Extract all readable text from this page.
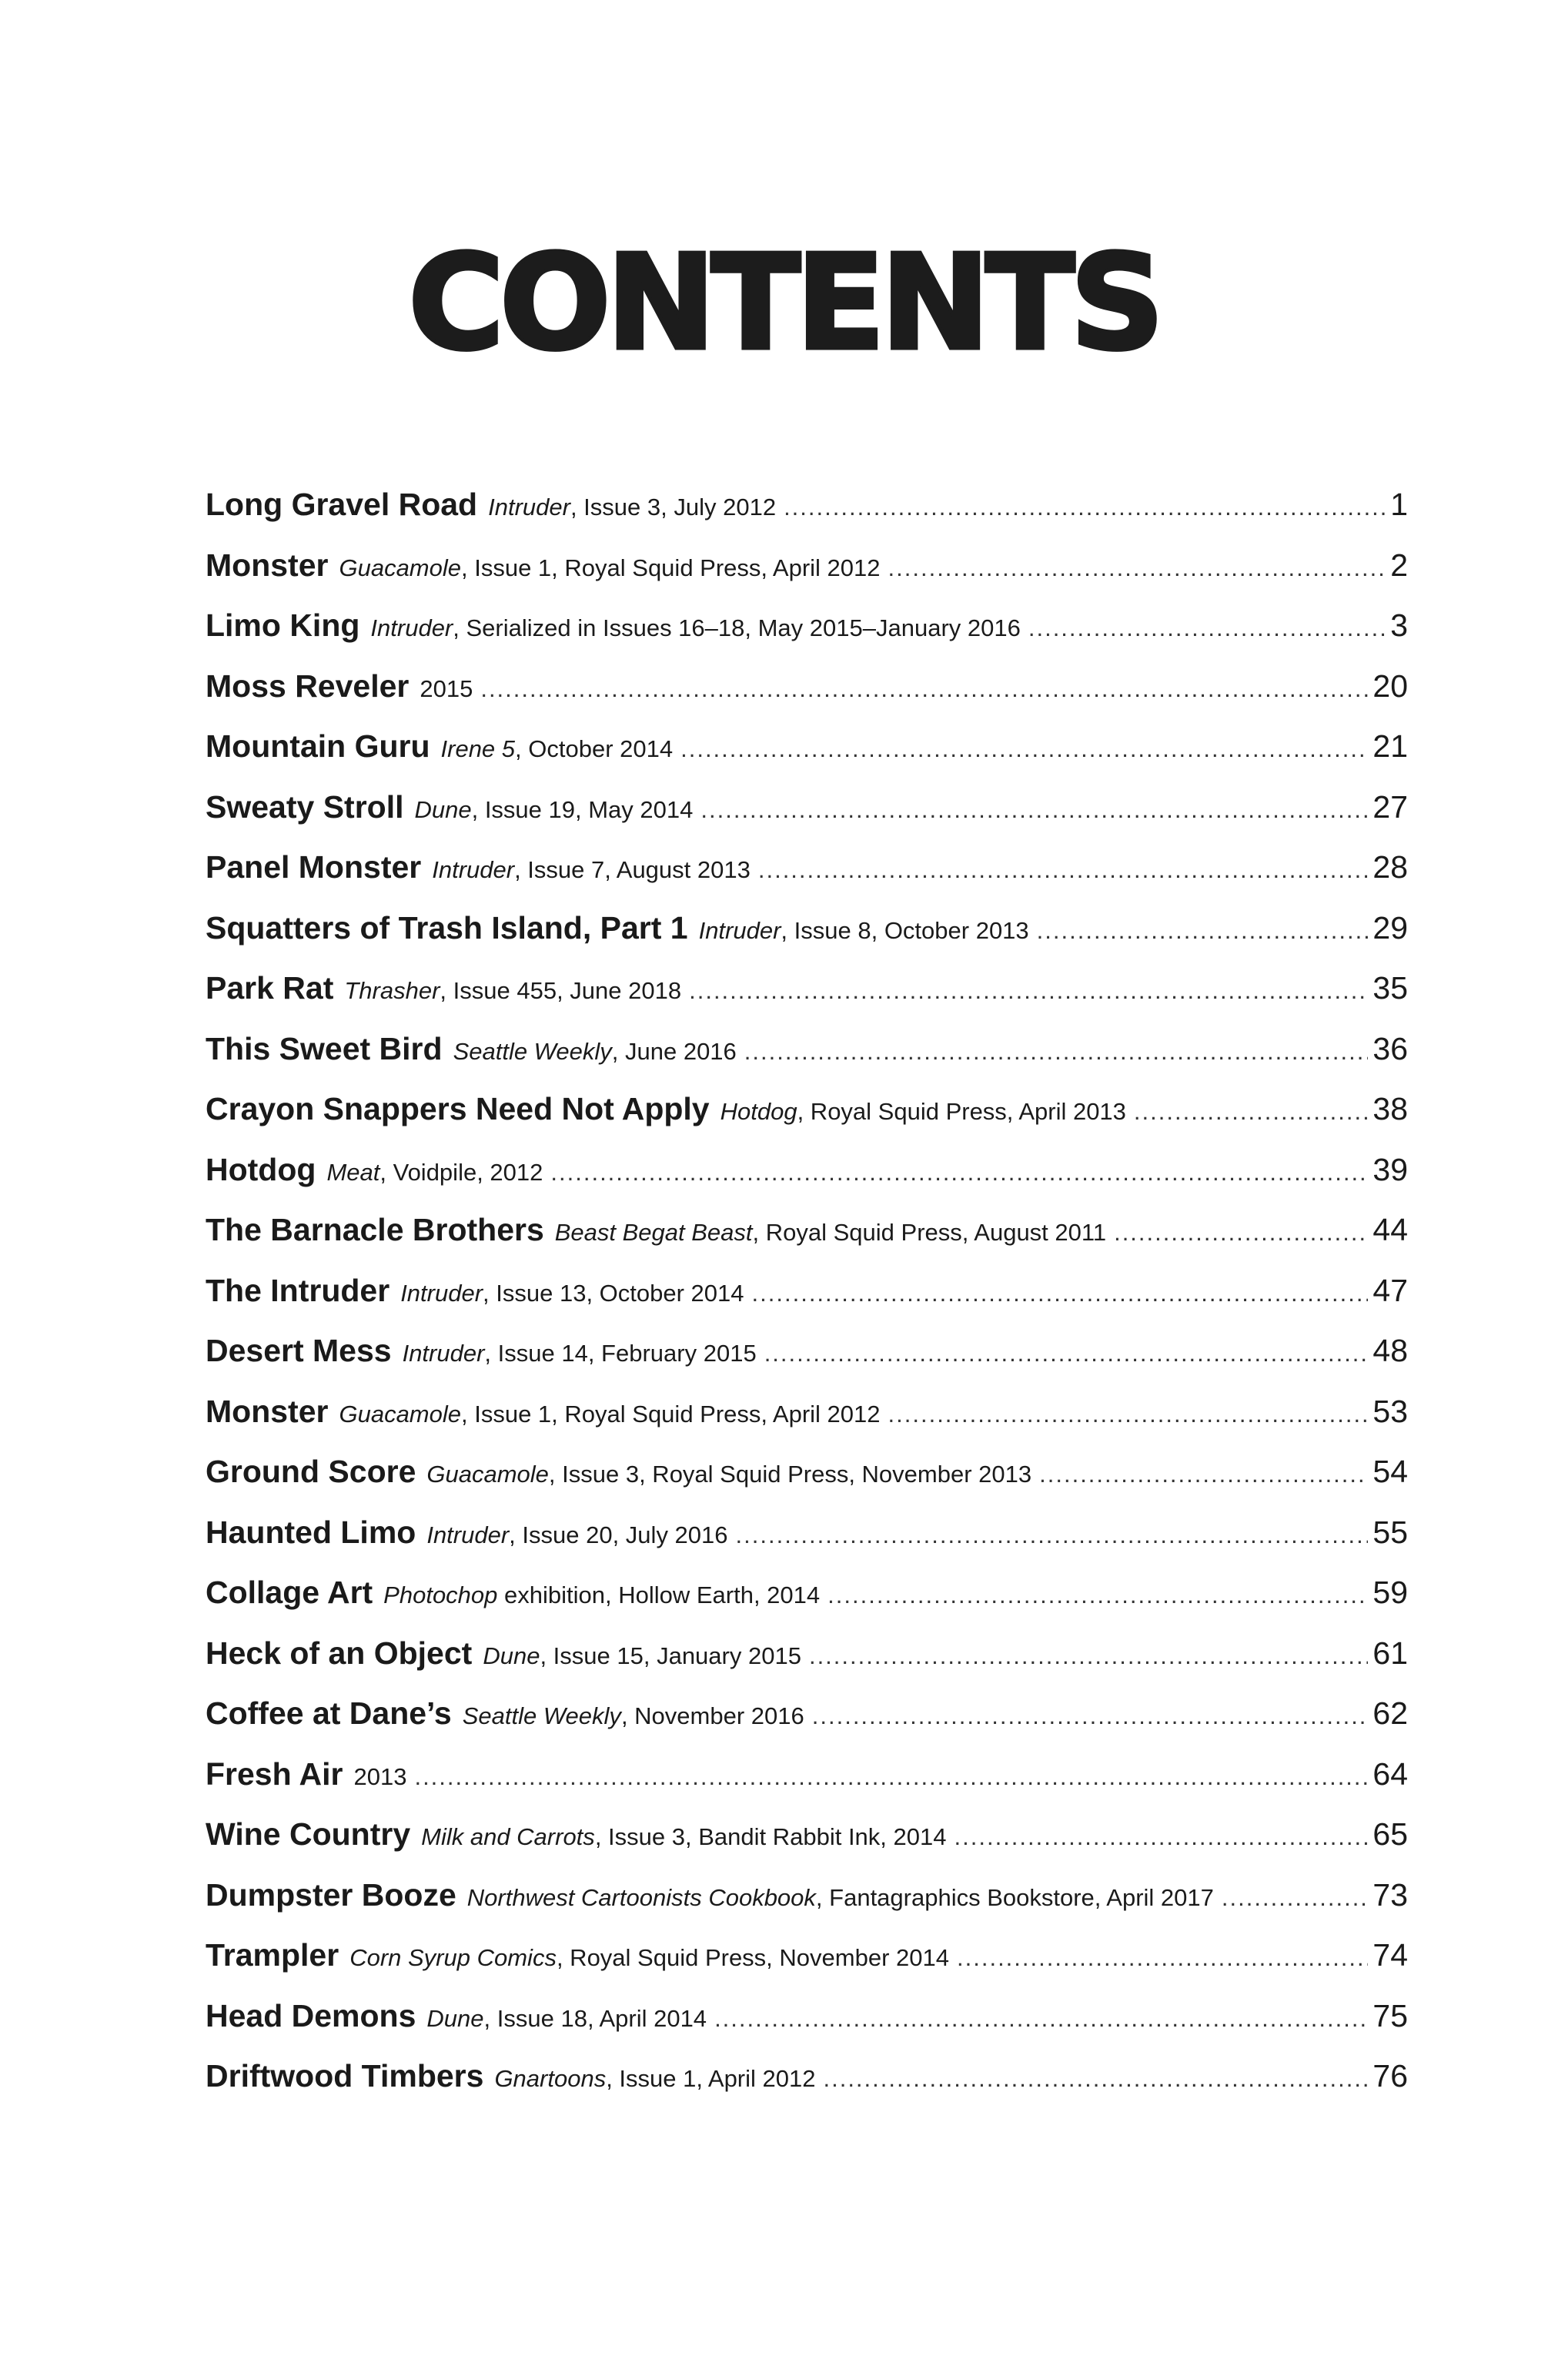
CONTENTS
Long Gravel Road Intruder, Issue 3, July 2012 .....	1
Monster Guacamole, Issue 1, Royal Squid Press, April 2012 .....	2
Limo King Intruder, Serialized in Issues 16–18, May 2015–January 2016 .....	3
Moss Reveler 2015 .....	20
Mountain Guru Irene 5, October 2014 .....	21
Sweaty Stroll Dune, Issue 19, May 2014 .....	27
Panel Monster Intruder, Issue 7, August 2013 .....	28
Squatters of Trash Island, Part 1 Intruder, Issue 8, October 2013 .....	29
Park Rat Thrasher, Issue 455, June 2018 .....	35
This Sweet Bird Seattle Weekly, June 2016 .....	36
Crayon Snappers Need Not Apply Hotdog, Royal Squid Press, April 2013 .....	38
Hotdog Meat, Voidpile, 2012 .....	39
The Barnacle Brothers Beast Begat Beast, Royal Squid Press, August 2011 .....	44
The Intruder Intruder, Issue 13, October 2014 .....	47
Desert Mess Intruder, Issue 14, February 2015 .....	48
Monster Guacamole, Issue 1, Royal Squid Press, April 2012 .....	53
Ground Score Guacamole, Issue 3, Royal Squid Press, November 2013 .....	54
Haunted Limo Intruder, Issue 20, July 2016 .....	55
Collage Art Photochop exhibition, Hollow Earth, 2014 .....	59
Heck of an Object Dune, Issue 15, January 2015 .....	61
Coffee at Dane’s Seattle Weekly, November 2016 .....	62
Fresh Air 2013 .....	64
Wine Country Milk and Carrots, Issue 3, Bandit Rabbit Ink, 2014 .....	65
Dumpster Booze Northwest Cartoonists Cookbook, Fantagraphics Bookstore, April 2017 .....	73
Trampler Corn Syrup Comics, Royal Squid Press, November 2014 .....	74
Head Demons Dune, Issue 18, April 2014 .....	75
Driftwood Timbers Gnartoons, Issue 1, April 2012 .....	76
